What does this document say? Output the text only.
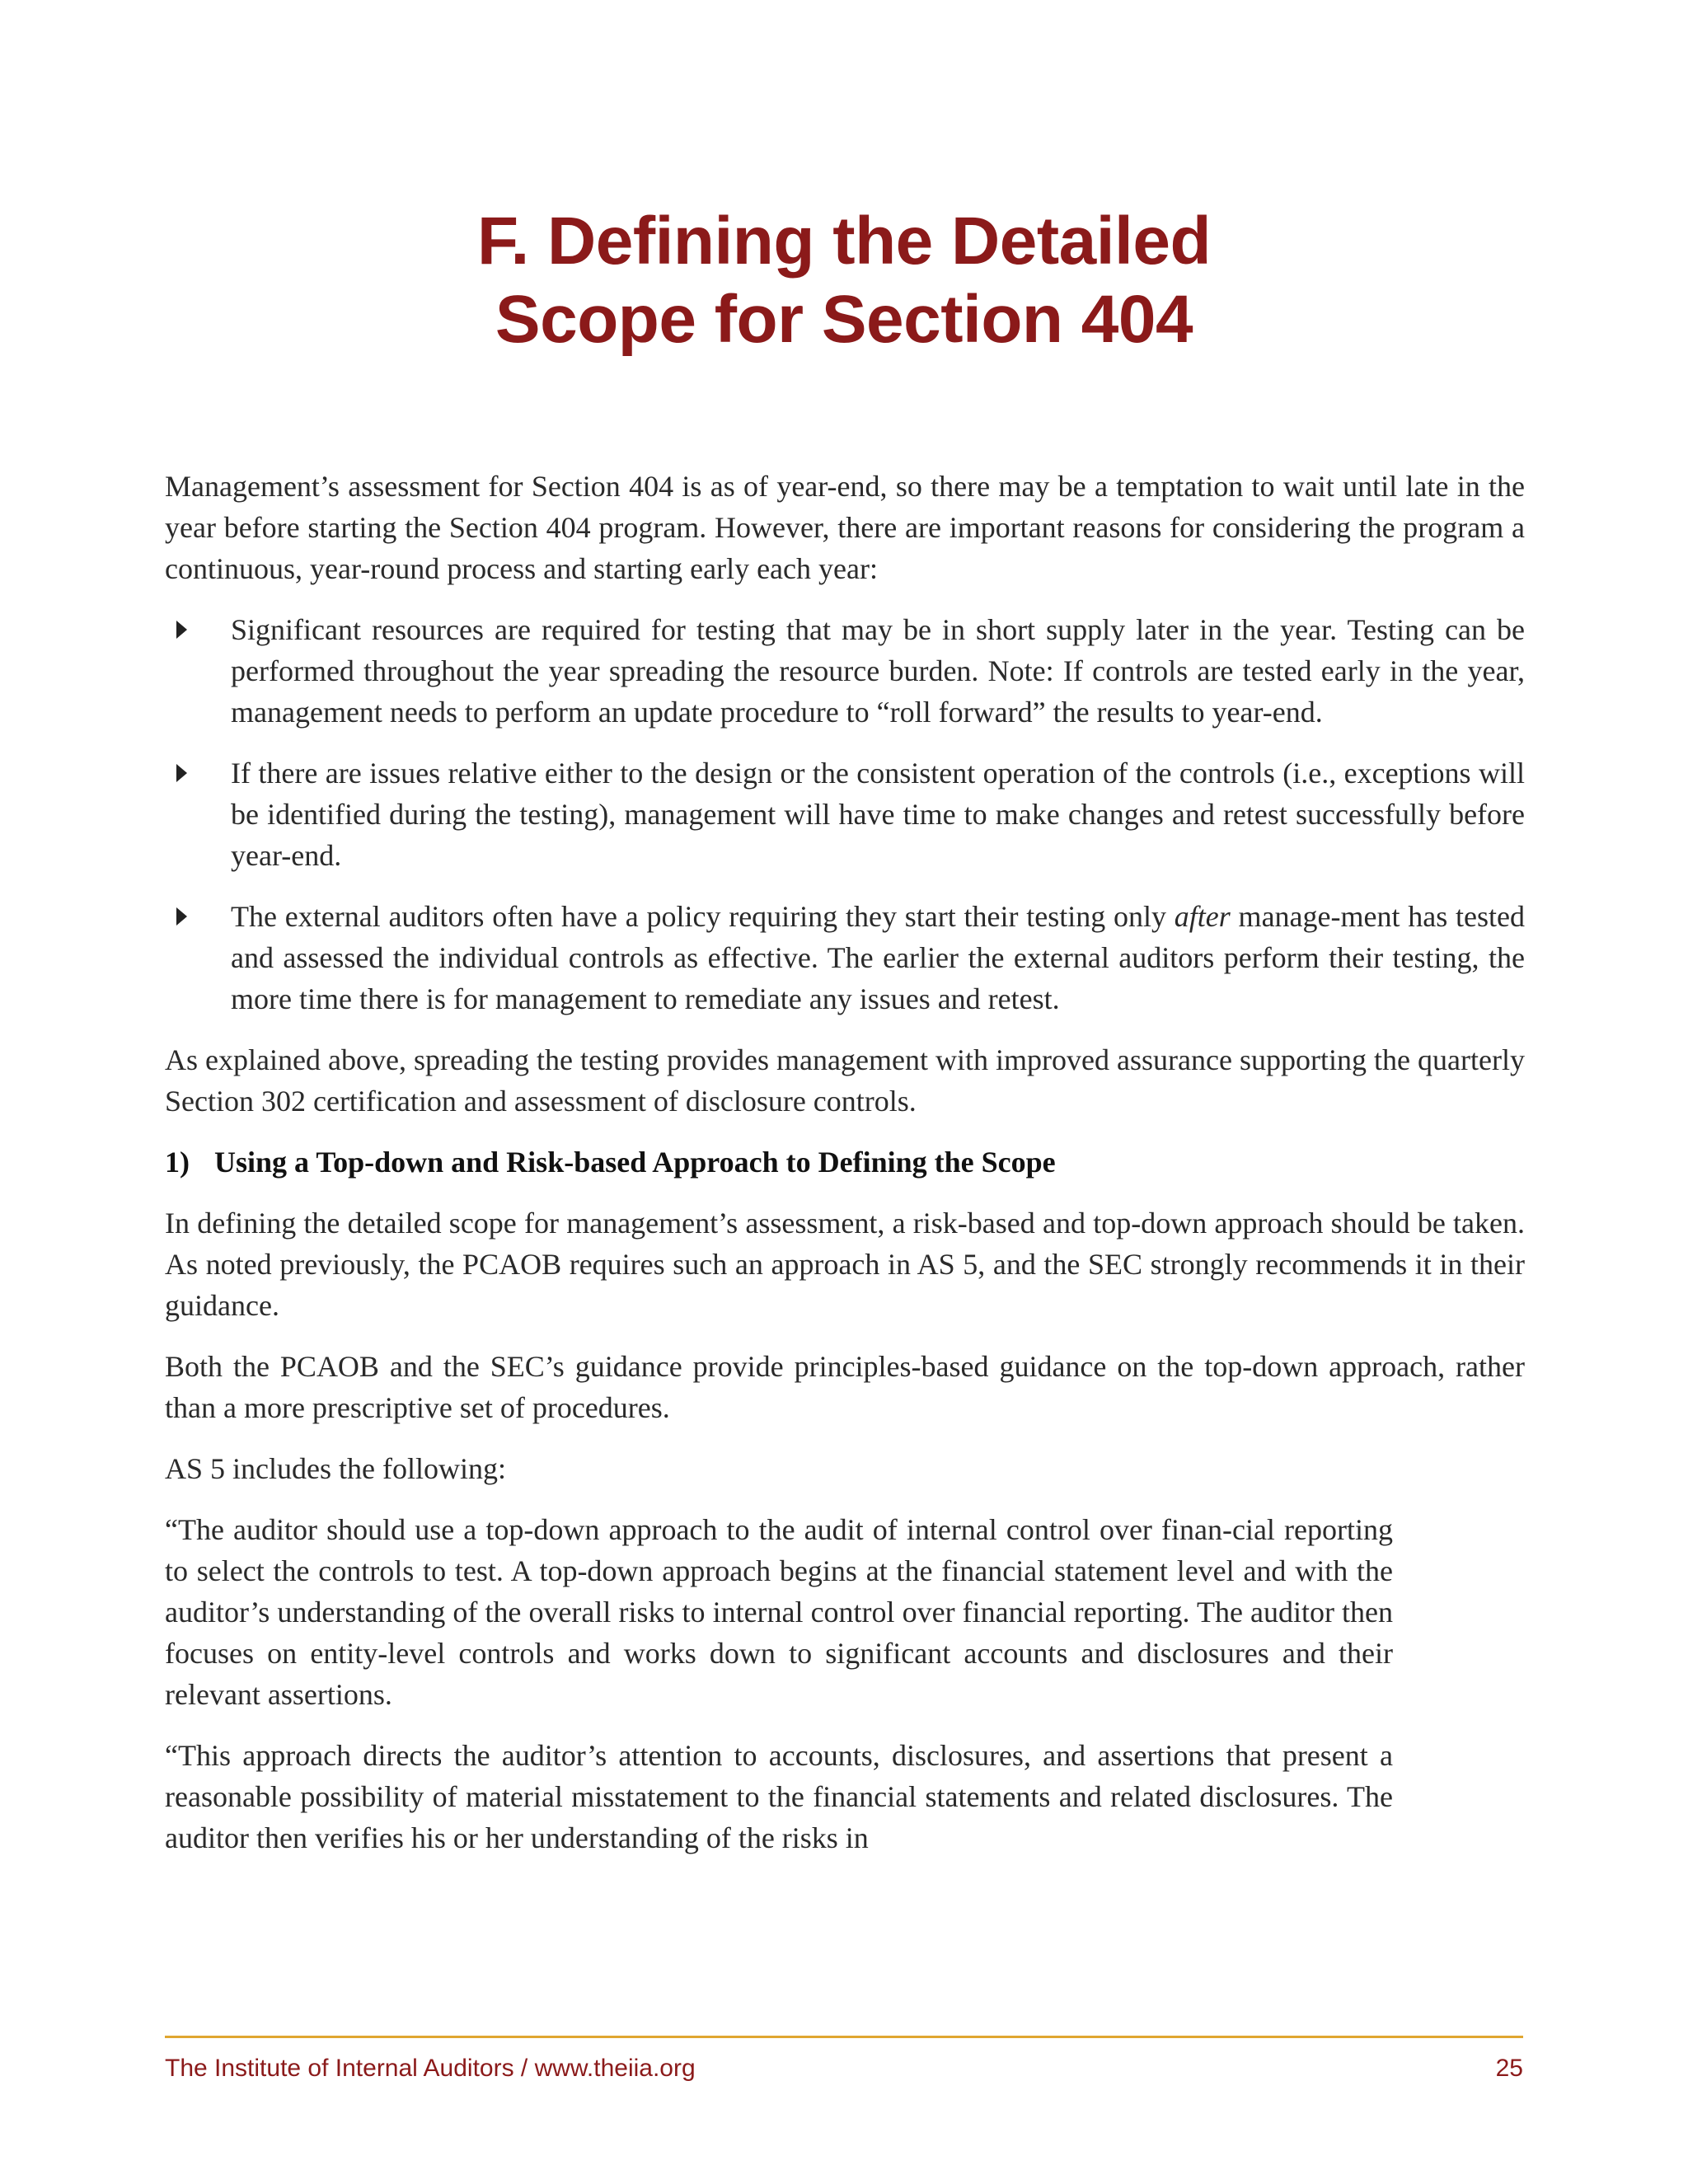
F. Defining the Detailed
Scope for Section 404

Management’s assessment for Section 404 is as of year-end, so there may be a temptation to wait until late in the year before starting the Section 404 program. However, there are important reasons for considering the program a continuous, year-round process and starting early each year:

Significant resources are required for testing that may be in short supply later in the year. Testing can be performed throughout the year spreading the resource burden. Note: If controls are tested early in the year, management needs to perform an update procedure to “roll forward” the results to year-end.
If there are issues relative either to the design or the consistent operation of the controls (i.e., exceptions will be identified during the testing), management will have time to make changes and retest successfully before year-end.
The external auditors often have a policy requiring they start their testing only after manage-ment has tested and assessed the individual controls as effective. The earlier the external auditors perform their testing, the more time there is for management to remediate any issues and retest.

As explained above, spreading the testing provides management with improved assurance supporting the quarterly Section 302 certification and assessment of disclosure controls.

1) Using a Top-down and Risk-based Approach to Defining the Scope

In defining the detailed scope for management’s assessment, a risk-based and top-down approach should be taken. As noted previously, the PCAOB requires such an approach in AS 5, and the SEC strongly recommends it in their guidance.

Both the PCAOB and the SEC’s guidance provide principles-based guidance on the top-down approach, rather than a more prescriptive set of procedures.

AS 5 includes the following:

“The auditor should use a top-down approach to the audit of internal control over finan-cial reporting to select the controls to test. A top-down approach begins at the financial statement level and with the auditor’s understanding of the overall risks to internal control over financial reporting. The auditor then focuses on entity-level controls and works down to significant accounts and disclosures and their relevant assertions.

“This approach directs the auditor’s attention to accounts, disclosures, and assertions that present a reasonable possibility of material misstatement to the financial statements and related disclosures. The auditor then verifies his or her understanding of the risks in

The Institute of Internal Auditors / www.theiia.org	25
